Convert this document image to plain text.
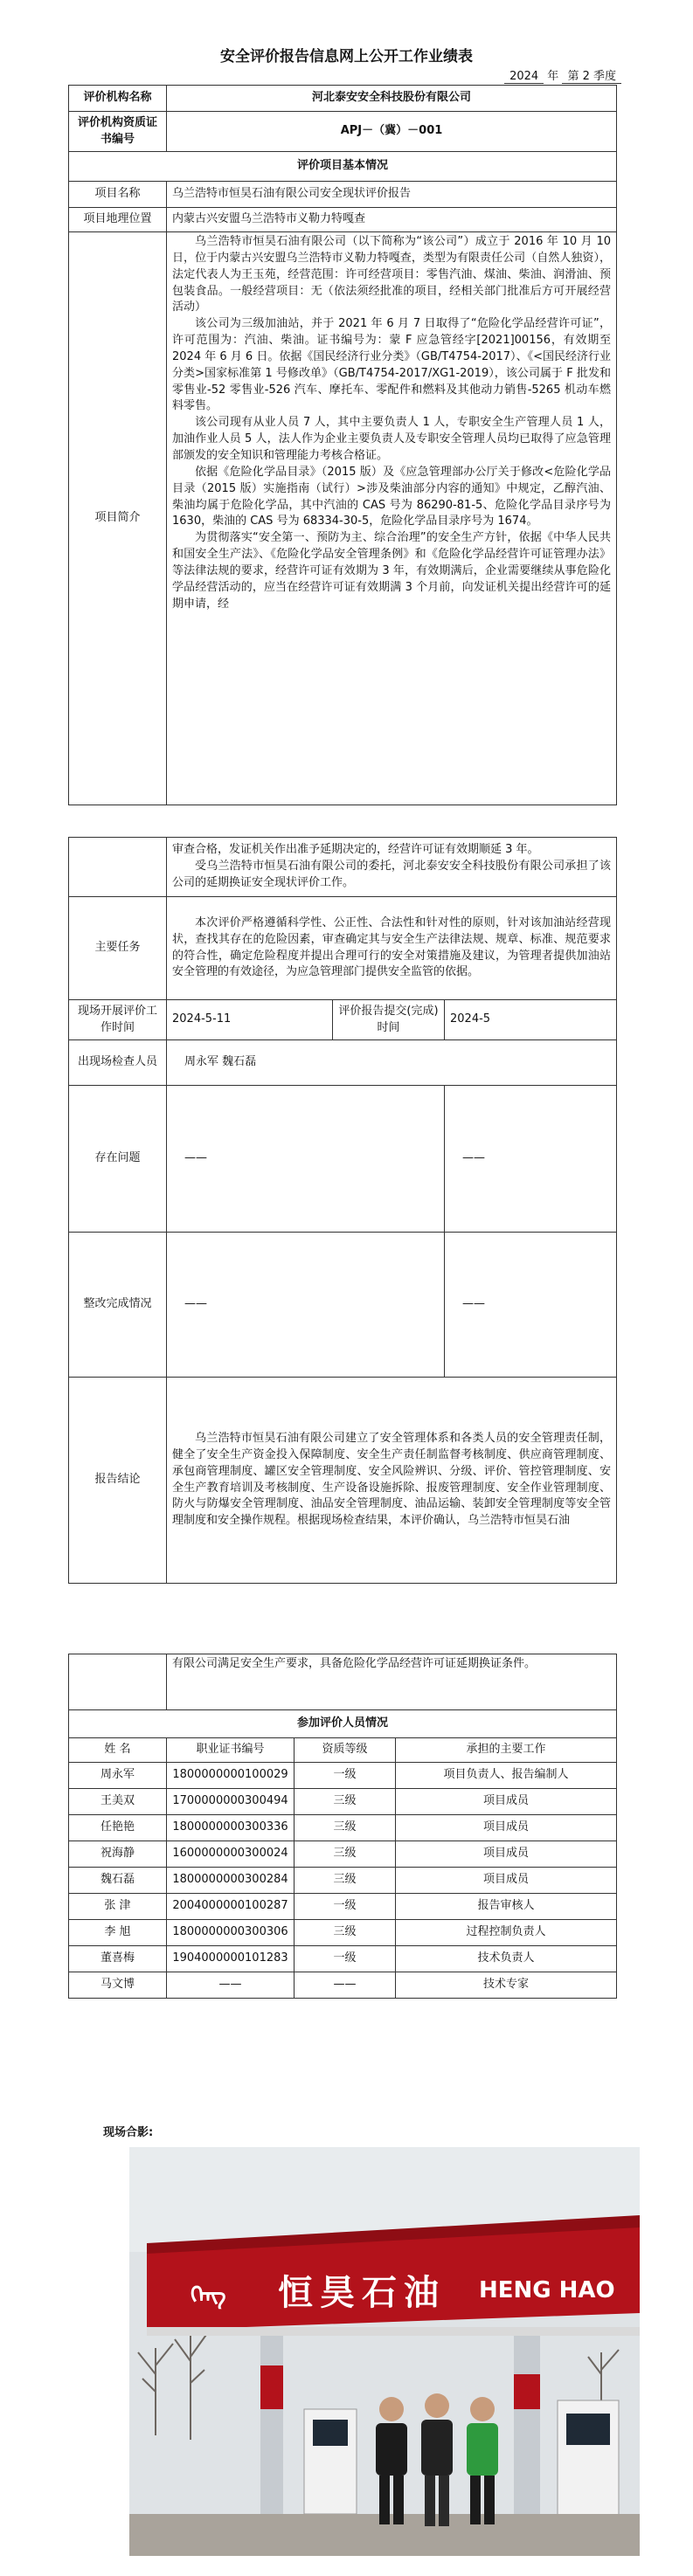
安全评价报告信息网上公开工作业绩表
2024 年 第 2 季度
评价机构名称	河北泰安安全科技股份有限公司
评价机构资质证书编号	APJ－（冀）－001
评价项目基本情况	
项目名称	乌兰浩特市恒昊石油有限公司安全现状评价报告
项目地理位置	内蒙古兴安盟乌兰浩特市义勒力特嘎查
项目简介	乌兰浩特市恒昊石油有限公司（以下简称为“该公司”）成立于 2016 年 10 月 10 日，位于内蒙古兴安盟乌兰浩特市义勒力特嘎查，类型为有限责任公司（自然人独资），法定代表人为王玉苑，经营范围：许可经营项目：零售汽油、煤油、柴油、润滑油、预包装食品。一般经营项目：无（依法须经批准的项目，经相关部门批准后方可开展经营活动）

该公司为三级加油站，并于 2021 年 6 月 7 日取得了“危险化学品经营许可证”，许可范围为：汽油、柴油。证书编号为：蒙 F 应急管经字[2021]00156，有效期至 2024 年 6 月 6 日。依据《国民经济行业分类》（GB/T4754-2017）、《<国民经济行业分类>国家标准第 1 号修改单》（GB/T4754-2017/XG1-2019），该公司属于 F 批发和零售业-52 零售业-526 汽车、摩托车、零配件和燃料及其他动力销售-5265 机动车燃料零售。

该公司现有从业人员 7 人，其中主要负责人 1 人，专职安全生产管理人员 1 人，加油作业人员 5 人，法人作为企业主要负责人及专职安全管理人员均已取得了应急管理部颁发的安全知识和管理能力考核合格证。

依据《危险化学品目录》（2015 版）及《应急管理部办公厅关于修改<危险化学品目录（2015 版）实施指南（试行）>涉及柴油部分内容的通知》中规定，乙醇汽油、柴油均属于危险化学品，其中汽油的 CAS 号为 86290-81-5、危险化学品目录序号为 1630，柴油的 CAS 号为 68334-30-5，危险化学品目录序号为 1674。

为贯彻落实“安全第一、预防为主、综合治理”的安全生产方针，依据《中华人民共和国安全生产法》、《危险化学品安全管理条例》和《危险化学品经营许可证管理办法》等法律法规的要求，经营许可证有效期为 3 年，有效期满后，企业需要继续从事危险化学品经营活动的，应当在经营许可证有效期满 3 个月前，向发证机关提出经营许可的延期申请，经

	审查合格，发证机关作出准予延期决定的，经营许可证有效期顺延 3 年。

受乌兰浩特市恒昊石油有限公司的委托，河北泰安安全科技股份有限公司承担了该公司的延期换证安全现状评价工作。		

主要任务	本次评价严格遵循科学性、公正性、合法性和针对性的原则，针对该加油站经营现状，查找其存在的危险因素，审查确定其与安全生产法律法规、规章、标准、规范要求的符合性，确定危险程度并提出合理可行的安全对策措施及建议，为管理者提供加油站安全管理的有效途径，为应急管理部门提供安全监管的依据。		

现场开展评价工作时间	2024-5-11	评价报告提交(完成)时间	2024-5
出现场检查人员	周永军 魏石磊		
存在问题	——		——
整改完成情况	——		——
报告结论	乌兰浩特市恒昊石油有限公司建立了安全管理体系和各类人员的安全管理责任制，健全了安全生产资金投入保障制度、安全生产责任制监督考核制度、供应商管理制度、承包商管理制度、罐区安全管理制度、安全风险辨识、分级、评价、管控管理制度、安全生产教育培训及考核制度、生产设备设施拆除、报废管理制度、安全作业管理制度、防火与防爆安全管理制度、油品安全管理制度、油品运输、装卸安全管理制度等安全管理制度和安全操作规程。根据现场检查结果，本评价确认，乌兰浩特市恒昊石油		

	有限公司满足安全生产要求，具备危险化学品经营许可证延期换证条件。		
参加评价人员情况			
姓 名	职业证书编号	资质等级	承担的主要工作
周永军	1800000000100029	一级	项目负责人、报告编制人
王美双	1700000000300494	三级	项目成员
任艳艳	1800000000300336	三级	项目成员
祝海静	1600000000300024	三级	项目成员
魏石磊	1800000000300284	三级	项目成员
张 津	2004000000100287	一级	报告审核人
李 旭	1800000000300306	三级	过程控制负责人
董喜梅	1904000000101283	一级	技术负责人
马文博	——	——	技术专家
现场合影:
ᠬᠡᠩ 恒昊石油 HENG HAO
